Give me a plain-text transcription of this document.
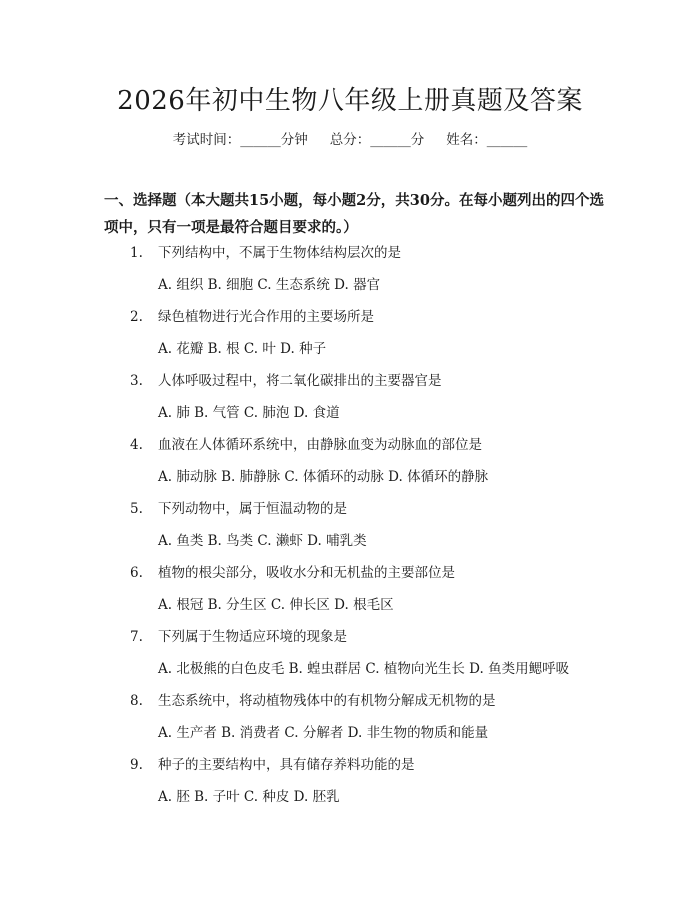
2026年初中生物八年级上册真题及答案
考试时间：______分钟 总分：______分 姓名：______
一、选择题（本大题共15小题，每小题2分，共30分。在每小题列出的四个选项中，只有一项是最符合题目要求的。）
1. 下列结构中，不属于生物体结构层次的是
A. 组织 B. 细胞 C. 生态系统 D. 器官
2. 绿色植物进行光合作用的主要场所是
A. 花瓣 B. 根 C. 叶 D. 种子
3. 人体呼吸过程中，将二氧化碳排出的主要器官是
A. 肺 B. 气管 C. 肺泡 D. 食道
4. 血液在人体循环系统中，由静脉血变为动脉血的部位是
A. 肺动脉 B. 肺静脉 C. 体循环的动脉 D. 体循环的静脉
5. 下列动物中，属于恒温动物的是
A. 鱼类 B. 鸟类 C. 濑虾 D. 哺乳类
6. 植物的根尖部分，吸收水分和无机盐的主要部位是
A. 根冠 B. 分生区 C. 伸长区 D. 根毛区
7. 下列属于生物适应环境的现象是
A. 北极熊的白色皮毛 B. 蝗虫群居 C. 植物向光生长 D. 鱼类用鳃呼吸
8. 生态系统中，将动植物残体中的有机物分解成无机物的是
A. 生产者 B. 消费者 C. 分解者 D. 非生物的物质和能量
9. 种子的主要结构中，具有储存养料功能的是
A. 胚 B. 子叶 C. 种皮 D. 胚乳
